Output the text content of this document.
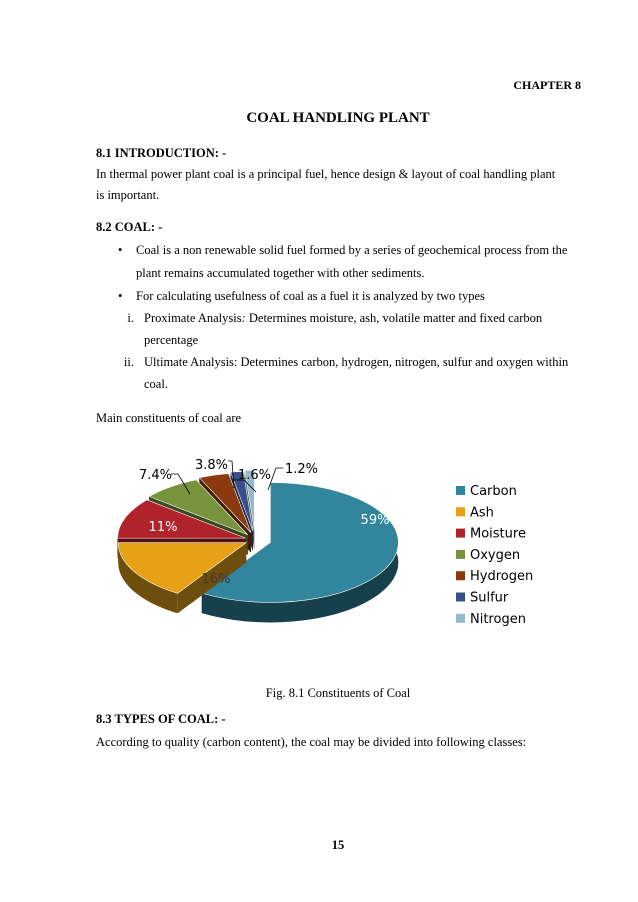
CHAPTER 8
COAL HANDLING PLANT
8.1 INTRODUCTION: -
In thermal power plant coal is a principal fuel, hence design & layout of coal handling plant
is important.
8.2 COAL: -
• Coal is a non renewable solid fuel formed by a series of geochemical process from the
plant remains accumulated together with other sediments.
• For calculating usefulness of coal as a fuel it is analyzed by two types
i. Proximate Analysis: Determines moisture, ash, volatile matter and fixed carbon
percentage
ii. Ultimate Analysis: Determines carbon, hydrogen, nitrogen, sulfur and oxygen within
coal.
Main constituents of coal are
59%
16%
11%
7.4%
3.8%
1.6% 1.2%
Carbon
Ash
Moisture
Oxygen
Hydrogen
Sulfur
Nitrogen
Fig. 8.1 Constituents of Coal
8.3 TYPES OF COAL: -
According to quality (carbon content), the coal may be divided into following classes:
15
